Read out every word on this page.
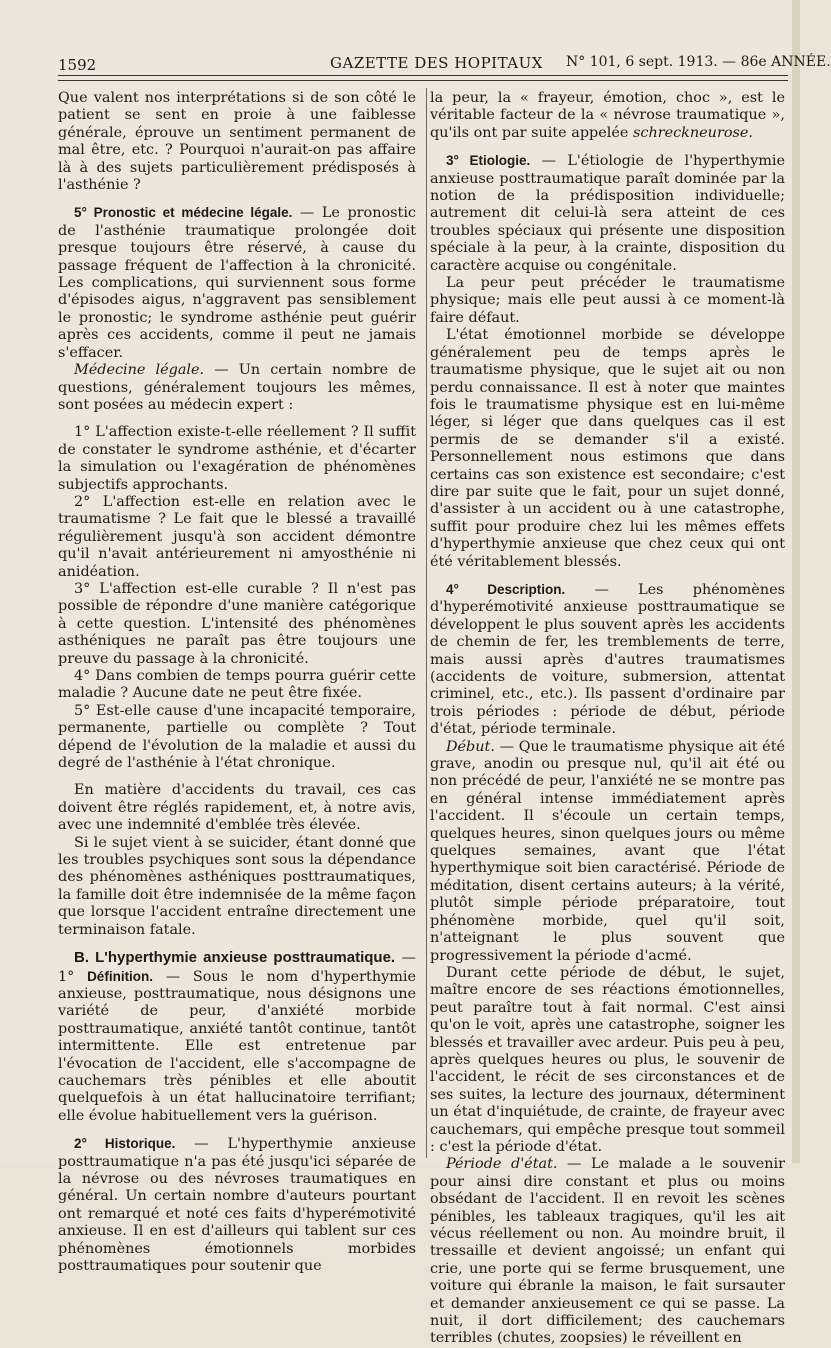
1592	GAZETTE DES HOPITAUX N° 101, 6 sept. 1913. — 86e ANNÉE.

Que valent nos interprétations si de son côté le patient se sent en proie à une faiblesse générale, éprouve un sentiment permanent de mal être, etc. ? Pourquoi n'aurait-on pas affaire là à des sujets particulièrement prédisposés à l'asthénie ?

5° Pronostic et médecine légale. — Le pronostic de l'asthénie traumatique prolongée doit presque toujours être réservé, à cause du passage fréquent de l'affection à la chronicité. Les complications, qui surviennent sous forme d'épisodes aigus, n'aggravent pas sensiblement le pronostic; le syndrome asthénie peut guérir après ces accidents, comme il peut ne jamais s'effacer.

Médecine légale. — Un certain nombre de questions, généralement toujours les mêmes, sont posées au médecin expert :

1° L'affection existe-t-elle réellement ? Il suffit de constater le syndrome asthénie, et d'écarter la simulation ou l'exagération de phénomènes subjectifs approchants.

2° L'affection est-elle en relation avec le traumatisme ? Le fait que le blessé a travaillé régulièrement jusqu'à son accident démontre qu'il n'avait antérieurement ni amyosthénie ni anidéation.

3° L'affection est-elle curable ? Il n'est pas possible de répondre d'une manière catégorique à cette question. L'intensité des phénomènes asthéniques ne paraît pas être toujours une preuve du passage à la chronicité.

4° Dans combien de temps pourra guérir cette maladie ? Aucune date ne peut être fixée.

5° Est-elle cause d'une incapacité temporaire, permanente, partielle ou complète ? Tout dépend de l'évolution de la maladie et aussi du degré de l'asthénie à l'état chronique.

En matière d'accidents du travail, ces cas doivent être réglés rapidement, et, à notre avis, avec une indemnité d'emblée très élevée.

Si le sujet vient à se suicider, étant donné que les troubles psychiques sont sous la dépendance des phénomènes asthéniques posttraumatiques, la famille doit être indemnisée de la même façon que lorsque l'accident entraîne directement une terminaison fatale.

B. L'hyperthymie anxieuse posttraumatique. — 1° Définition. — Sous le nom d'hyperthymie anxieuse, posttraumatique, nous désignons une variété de peur, d'anxiété morbide posttraumatique, anxiété tantôt continue, tantôt intermittente. Elle est entretenue par l'évocation de l'accident, elle s'accompagne de cauchemars très pénibles et elle aboutit quelquefois à un état hallucinatoire terrifiant; elle évolue habituellement vers la guérison.

2° Historique. — L'hyperthymie anxieuse posttraumatique n'a pas été jusqu'ici séparée de la névrose ou des névroses traumatiques en général. Un certain nombre d'auteurs pourtant ont remarqué et noté ces faits d'hyperémotivité anxieuse. Il en est d'ailleurs qui tablent sur ces phénomènes émotionnels morbides posttraumatiques pour soutenir que

la peur, la « frayeur, émotion, choc », est le véritable facteur de la « névrose traumatique », qu'ils ont par suite appelée schreckneurose.

3° Etiologie. — L'étiologie de l'hyperthymie anxieuse posttraumatique paraît dominée par la notion de la prédisposition individuelle; autrement dit celui-là sera atteint de ces troubles spéciaux qui présente une disposition spéciale à la peur, à la crainte, disposition du caractère acquise ou congénitale.

La peur peut précéder le traumatisme physique; mais elle peut aussi à ce moment-là faire défaut.

L'état émotionnel morbide se développe généralement peu de temps après le traumatisme physique, que le sujet ait ou non perdu connaissance. Il est à noter que maintes fois le traumatisme physique est en lui-même léger, si léger que dans quelques cas il est permis de se demander s'il a existé. Personnellement nous estimons que dans certains cas son existence est secondaire; c'est dire par suite que le fait, pour un sujet donné, d'assister à un accident ou à une catastrophe, suffit pour produire chez lui les mêmes effets d'hyperthymie anxieuse que chez ceux qui ont été véritablement blessés.

4° Description. — Les phénomènes d'hyperémotivité anxieuse posttraumatique se développent le plus souvent après les accidents de chemin de fer, les tremblements de terre, mais aussi après d'autres traumatismes (accidents de voiture, submersion, attentat criminel, etc., etc.). Ils passent d'ordinaire par trois périodes : période de début, période d'état, période terminale.

Début. — Que le traumatisme physique ait été grave, anodin ou presque nul, qu'il ait été ou non précédé de peur, l'anxiété ne se montre pas en général intense immédiatement après l'accident. Il s'écoule un certain temps, quelques heures, sinon quelques jours ou même quelques semaines, avant que l'état hyperthymique soit bien caractérisé. Période de méditation, disent certains auteurs; à la vérité, plutôt simple période préparatoire, tout phénomène morbide, quel qu'il soit, n'atteignant le plus souvent que progressivement la période d'acmé.

Durant cette période de début, le sujet, maître encore de ses réactions émotionnelles, peut paraître tout à fait normal. C'est ainsi qu'on le voit, après une catastrophe, soigner les blessés et travailler avec ardeur. Puis peu à peu, après quelques heures ou plus, le souvenir de l'accident, le récit de ses circonstances et de ses suites, la lecture des journaux, déterminent un état d'inquiétude, de crainte, de frayeur avec cauchemars, qui empêche presque tout sommeil : c'est la période d'état.

Période d'état. — Le malade a le souvenir pour ainsi dire constant et plus ou moins obsédant de l'accident. Il en revoit les scènes pénibles, les tableaux tragiques, qu'il les ait vécus réellement ou non. Au moindre bruit, il tressaille et devient angoissé; un enfant qui crie, une porte qui se ferme brusquement, une voiture qui ébranle la maison, le fait sursauter et demander anxieusement ce qui se passe. La nuit, il dort difficilement; des cauchemars terribles (chutes, zoopsies) le réveillent en
